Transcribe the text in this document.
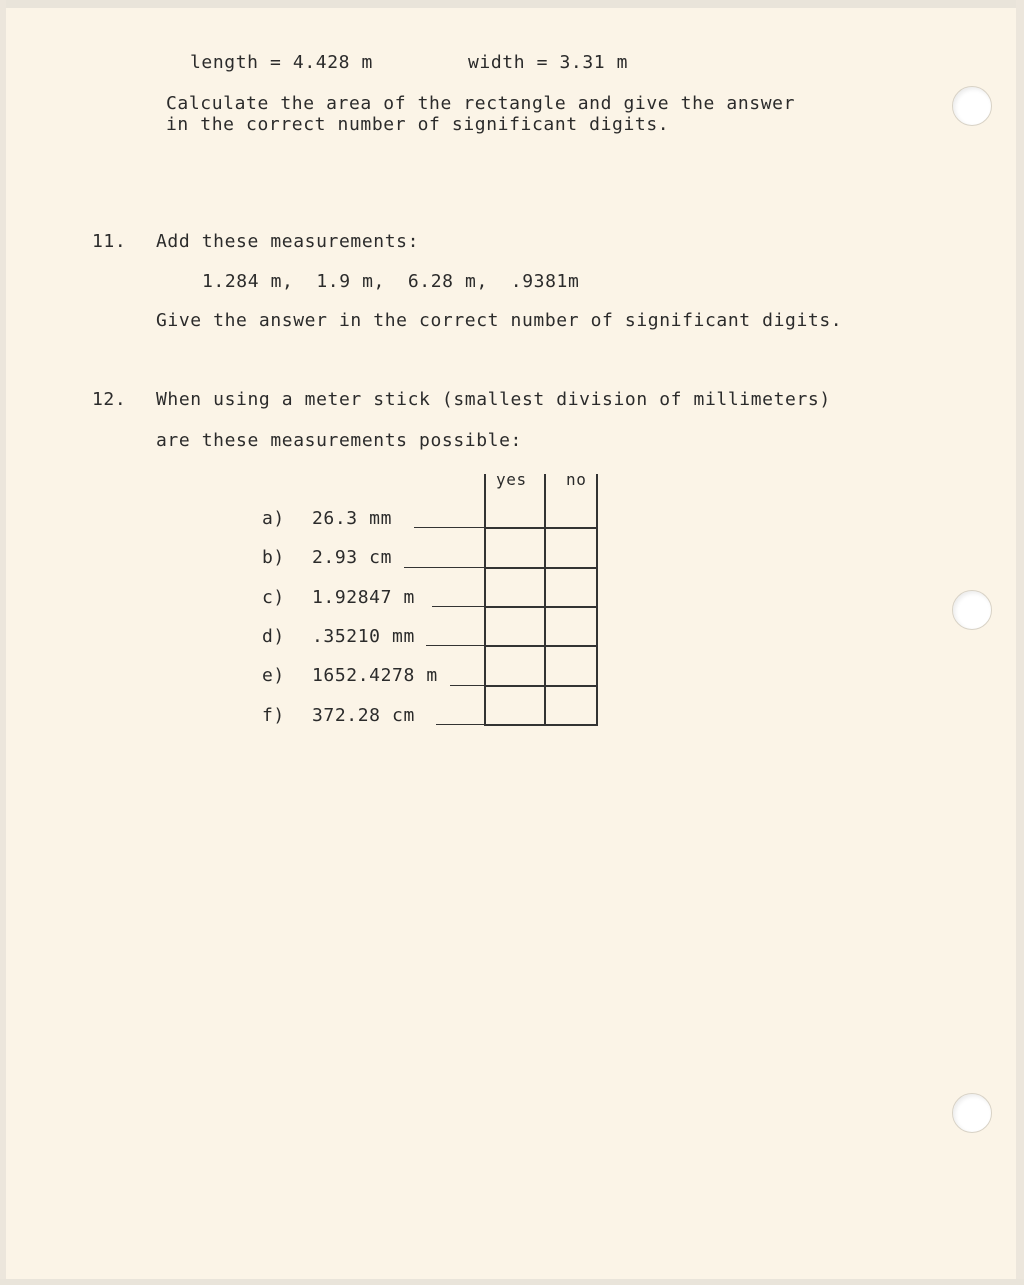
length = 4.428 m	width = 3.31 m
Calculate the area of the rectangle and give the answer
in the correct number of significant digits.
11. Add these measurements:
1.284 m,  1.9 m,  6.28 m,  .9381m
Give the answer in the correct number of significant digits.
12. When using a meter stick (smallest division of millimeters)
are these measurements possible:
yes no
a) 26.3 mm
b) 2.93 cm
c) 1.92847 m
d) .35210 mm
e) 1652.4278 m
f) 372.28 cm
